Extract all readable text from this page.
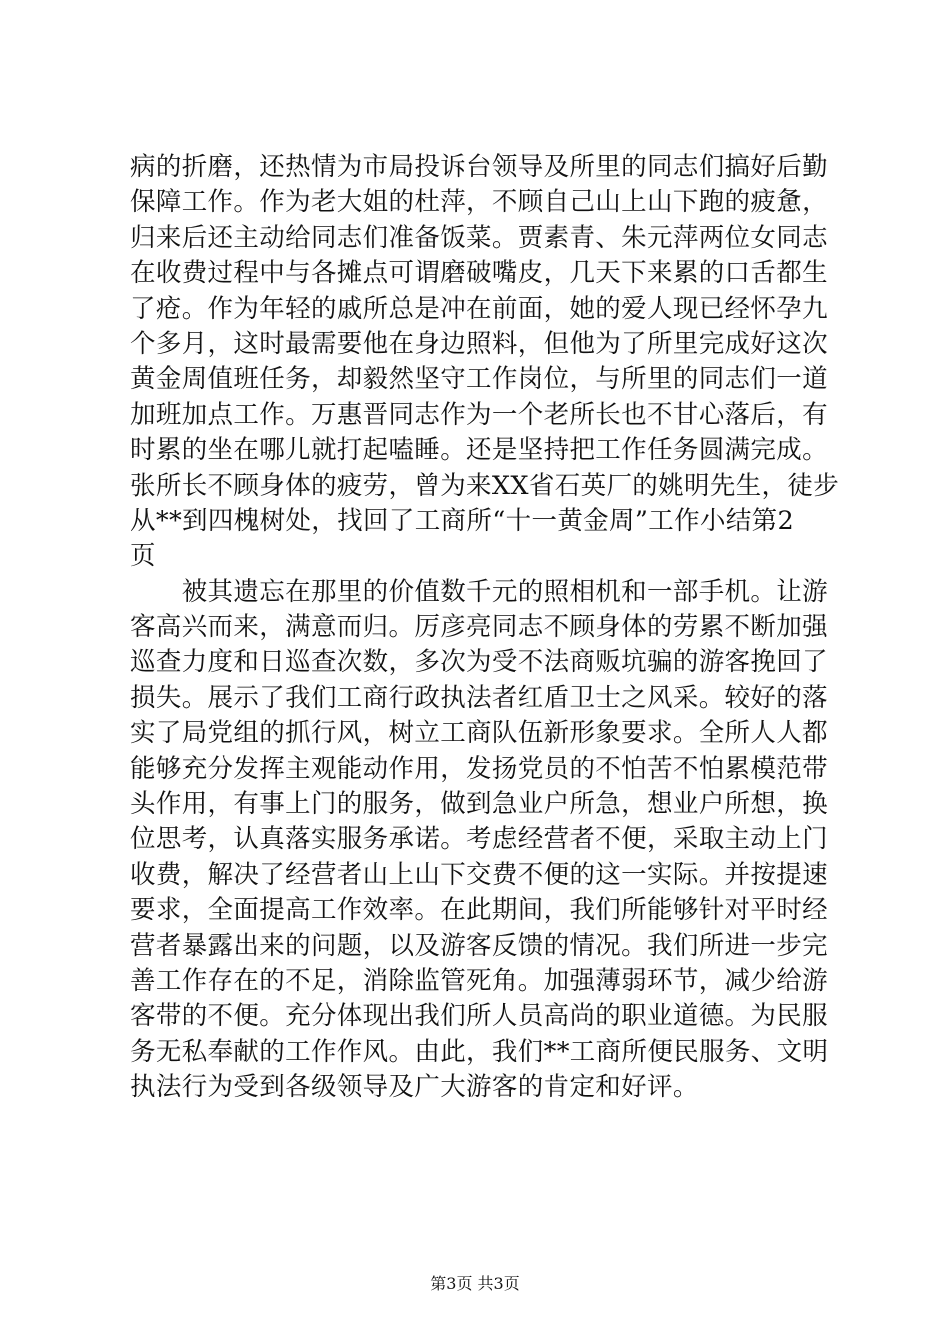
病的折磨，还热情为市局投诉台领导及所里的同志们搞好后勤
保障工作。作为老大姐的杜萍，不顾自己山上山下跑的疲惫，
归来后还主动给同志们准备饭菜。贾素青、朱元萍两位女同志
在收费过程中与各摊点可谓磨破嘴皮，几天下来累的口舌都生
了疮。作为年轻的戚所总是冲在前面，她的爱人现已经怀孕九
个多月，这时最需要他在身边照料，但他为了所里完成好这次
黄金周值班任务，却毅然坚守工作岗位，与所里的同志们一道
加班加点工作。万惠晋同志作为一个老所长也不甘心落后，有
时累的坐在哪儿就打起嗑睡。还是坚持把工作任务圆满完成。
张所长不顾身体的疲劳，曾为来XX省石英厂的姚明先生，徒步
从**到四槐树处，找回了工商所“十一黄金周”工作小结第2
页
　　被其遗忘在那里的价值数千元的照相机和一部手机。让游
客高兴而来，满意而归。厉彦亮同志不顾身体的劳累不断加强
巡查力度和日巡查次数，多次为受不法商贩坑骗的游客挽回了
损失。展示了我们工商行政执法者红盾卫士之风采。较好的落
实了局党组的抓行风，树立工商队伍新形象要求。全所人人都
能够充分发挥主观能动作用，发扬党员的不怕苦不怕累模范带
头作用，有事上门的服务，做到急业户所急，想业户所想，换
位思考，认真落实服务承诺。考虑经营者不便，采取主动上门
收费，解决了经营者山上山下交费不便的这一实际。并按提速
要求，全面提高工作效率。在此期间，我们所能够针对平时经
营者暴露出来的问题，以及游客反馈的情况。我们所进一步完
善工作存在的不足，消除监管死角。加强薄弱环节，减少给游
客带的不便。充分体现出我们所人员高尚的职业道德。为民服
务无私奉献的工作作风。由此，我们**工商所便民服务、文明
执法行为受到各级领导及广大游客的肯定和好评。
第3页 共3页
